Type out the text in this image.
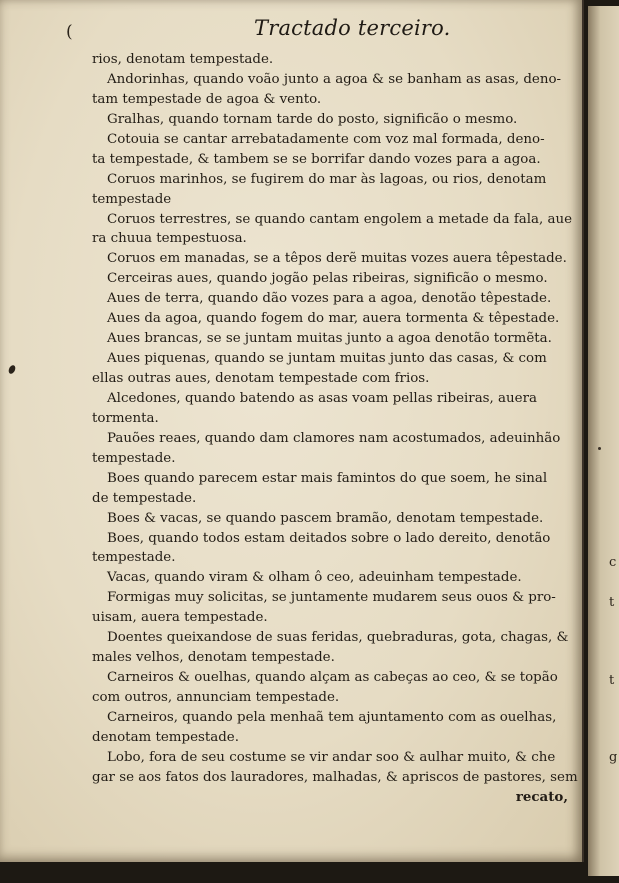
(	Tractado terceiro.
rios, denotam tempestade.
Andorinhas, quando voão junto a agoa & se banham as asas, deno-
tam tempestade de agoa & vento.
Gralhas, quando tornam tarde do posto, significão o mesmo.
Cotouia se cantar arrebatadamente com voz mal formada, deno-
ta tempestade, & tambem se se borrifar dando vozes para a agoa.
Coruos marinhos, se fugirem do mar às lagoas, ou rios, denotam
tempestade
Coruos terrestres, se quando cantam engolem a metade da fala, aue
ra chuua tempestuosa.
Coruos em manadas, se a têpos derẽ muitas vozes auera têpestade.
Cerceiras aues, quando jogão pelas ribeiras, significão o mesmo.
Aues de terra, quando dão vozes para a agoa, denotão têpestade.
Aues da agoa, quando fogem do mar, auera tormenta & têpestade.
Aues brancas, se se juntam muitas junto a agoa denotão tormẽta.
Aues piquenas, quando se juntam muitas junto das casas, & com
ellas outras aues, denotam tempestade com frios.
Alcedones, quando batendo as asas voam pellas ribeiras, auera
tormenta.
Pauões reaes, quando dam clamores nam acostumados, adeuinhão
tempestade.
Boes quando parecem estar mais famintos do que soem, he sinal
de tempestade.
Boes & vacas, se quando pascem bramão, denotam tempestade.
Boes, quando todos estam deitados sobre o lado dereito, denotão
tempestade.
Vacas, quando viram & olham ô ceo, adeuinham tempestade.
Formigas muy solicitas, se juntamente mudarem seus ouos & pro-
uisam, auera tempestade.
Doentes queixandose de suas feridas, quebraduras, gota, chagas, &
males velhos, denotam tempestade.
Carneiros & ouelhas, quando alçam as cabeças ao ceo, & se topão
com outros, annunciam tempestade.
Carneiros, quando pela menhaã tem ajuntamento com as ouelhas,
denotam tempestade.
Lobo, fora de seu costume se vir andar soo & aulhar muito, & che
gar se aos fatos dos lauradores, malhadas, & apriscos de pastores, sem
recato,
c
t
t
g
